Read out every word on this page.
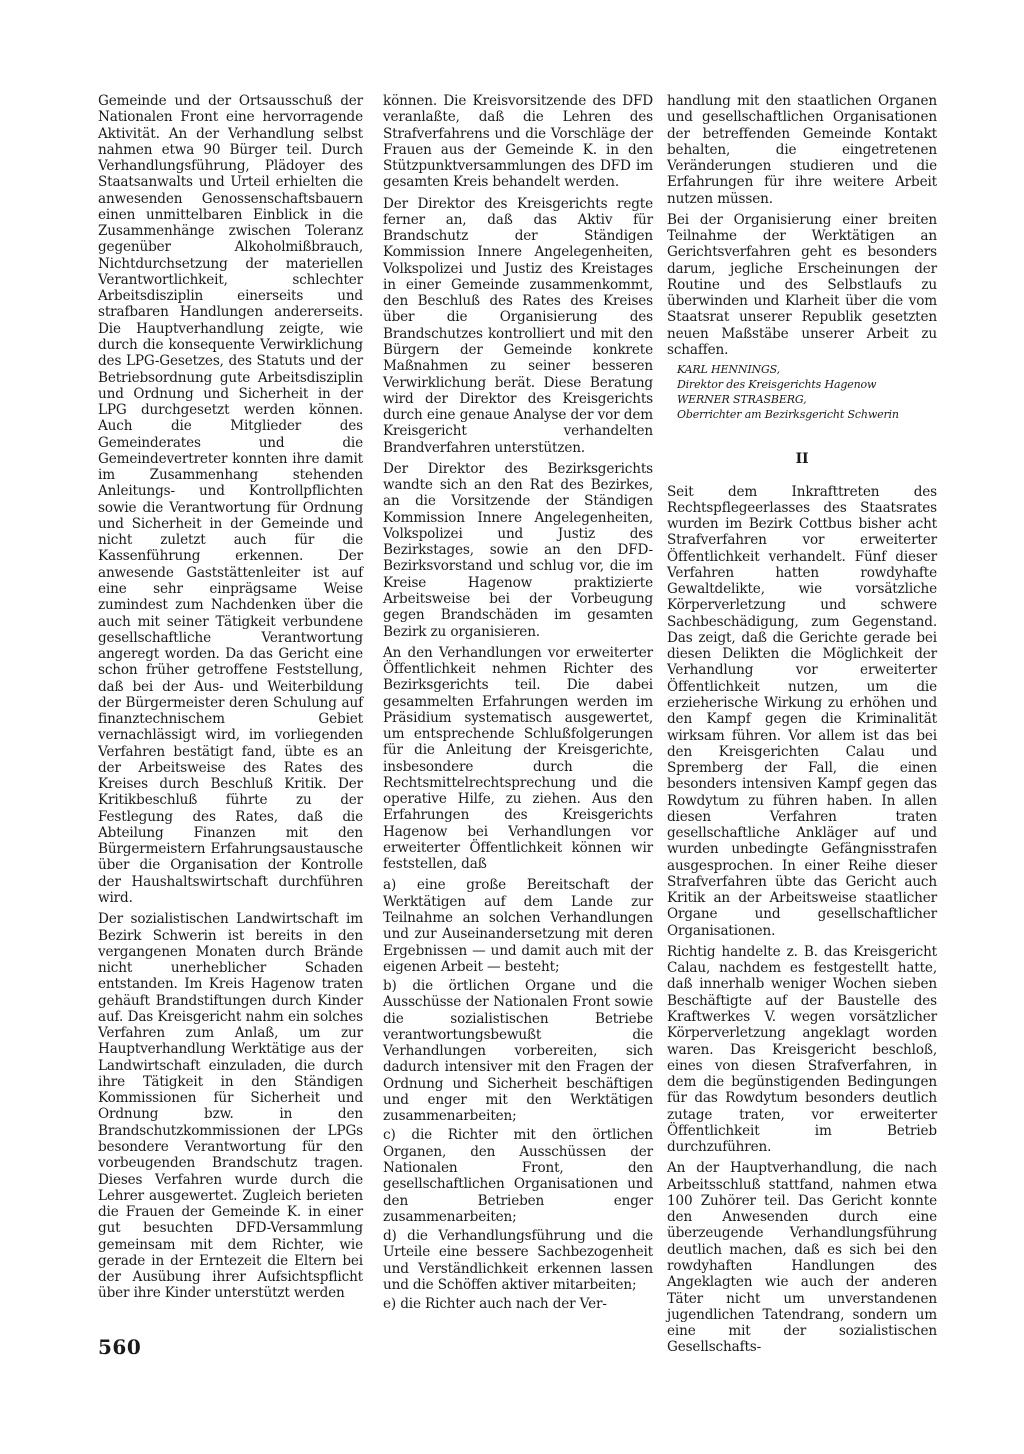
Gemeinde und der Ortsausschuß der Nationalen Front eine hervorragende Aktivität. An der Verhandlung selbst nahmen etwa 90 Bürger teil. Durch Verhandlungsführung, Plädoyer des Staatsanwalts und Urteil erhielten die anwesenden Genossenschaftsbauern einen unmittelbaren Einblick in die Zusammenhänge zwischen Toleranz gegenüber Alkoholmißbrauch, Nichtdurchsetzung der materiellen Verantwortlichkeit, schlechter Arbeitsdisziplin einerseits und strafbaren Handlungen andererseits. Die Hauptverhandlung zeigte, wie durch die konsequente Verwirklichung des LPG-Gesetzes, des Statuts und der Betriebsordnung gute Arbeitsdisziplin und Ordnung und Sicherheit in der LPG durchgesetzt werden können. Auch die Mitglieder des Gemeinderates und die Gemeindevertreter konnten ihre damit im Zusammenhang stehenden Anleitungs- und Kontrollpflichten sowie die Verantwortung für Ordnung und Sicherheit in der Gemeinde und nicht zuletzt auch für die Kassenführung erkennen. Der anwesende Gaststättenleiter ist auf eine sehr einprägsame Weise zumindest zum Nachdenken über die auch mit seiner Tätigkeit verbundene gesellschaftliche Verantwortung angeregt worden. Da das Gericht eine schon früher getroffene Feststellung, daß bei der Aus- und Weiterbildung der Bürgermeister deren Schulung auf finanztechnischem Gebiet vernachlässigt wird, im vorliegenden Verfahren bestätigt fand, übte es an der Arbeitsweise des Rates des Kreises durch Beschluß Kritik. Der Kritikbeschluß führte zu der Festlegung des Rates, daß die Abteilung Finanzen mit den Bürgermeistern Erfahrungsaustausche über die Organisation der Kontrolle der Haushaltswirtschaft durchführen wird.

Der sozialistischen Landwirtschaft im Bezirk Schwerin ist bereits in den vergangenen Monaten durch Brände nicht unerheblicher Schaden entstanden. Im Kreis Hagenow traten gehäuft Brandstiftungen durch Kinder auf. Das Kreisgericht nahm ein solches Verfahren zum Anlaß, um zur Hauptverhandlung Werktätige aus der Landwirtschaft einzuladen, die durch ihre Tätigkeit in den Ständigen Kommissionen für Sicherheit und Ordnung bzw. in den Brandschutzkommissionen der LPGs besondere Verantwortung für den vorbeugenden Brandschutz tragen. Dieses Verfahren wurde durch die Lehrer ausgewertet. Zugleich berieten die Frauen der Gemeinde K. in einer gut besuchten DFD-Versammlung gemeinsam mit dem Richter, wie gerade in der Erntezeit die Eltern bei der Ausübung ihrer Aufsichtspflicht über ihre Kinder unterstützt werden

können. Die Kreisvorsitzende des DFD veranlaßte, daß die Lehren des Strafverfahrens und die Vorschläge der Frauen aus der Gemeinde K. in den Stützpunktversammlungen des DFD im gesamten Kreis behandelt werden.

Der Direktor des Kreisgerichts regte ferner an, daß das Aktiv für Brandschutz der Ständigen Kommission Innere Angelegenheiten, Volkspolizei und Justiz des Kreistages in einer Gemeinde zusammenkommt, den Beschluß des Rates des Kreises über die Organisierung des Brandschutzes kontrolliert und mit den Bürgern der Gemeinde konkrete Maßnahmen zu seiner besseren Verwirklichung berät. Diese Beratung wird der Direktor des Kreisgerichts durch eine genaue Analyse der vor dem Kreisgericht verhandelten Brandverfahren unterstützen.

Der Direktor des Bezirksgerichts wandte sich an den Rat des Bezirkes, an die Vorsitzende der Ständigen Kommission Innere Angelegenheiten, Volkspolizei und Justiz des Bezirkstages, sowie an den DFD-Bezirksvorstand und schlug vor, die im Kreise Hagenow praktizierte Arbeitsweise bei der Vorbeugung gegen Brandschäden im gesamten Bezirk zu organisieren.

An den Verhandlungen vor erweiterter Öffentlichkeit nehmen Richter des Bezirksgerichts teil. Die dabei gesammelten Erfahrungen werden im Präsidium systematisch ausgewertet, um entsprechende Schlußfolgerungen für die Anleitung der Kreisgerichte, insbesondere durch die Rechtsmittelrechtsprechung und die operative Hilfe, zu ziehen. Aus den Erfahrungen des Kreisgerichts Hagenow bei Verhandlungen vor erweiterter Öffentlichkeit können wir feststellen, daß

a) eine große Bereitschaft der Werktätigen auf dem Lande zur Teilnahme an solchen Verhandlungen und zur Auseinandersetzung mit deren Ergebnissen — und damit auch mit der eigenen Arbeit — besteht;

b) die örtlichen Organe und die Ausschüsse der Nationalen Front sowie die sozialistischen Betriebe verantwortungsbewußt die Verhandlungen vorbereiten, sich dadurch intensiver mit den Fragen der Ordnung und Sicherheit beschäftigen und enger mit den Werktätigen zusammenarbeiten;

c) die Richter mit den örtlichen Organen, den Ausschüssen der Nationalen Front, den gesellschaftlichen Organisationen und den Betrieben enger zusammenarbeiten;

d) die Verhandlungsführung und die Urteile eine bessere Sachbezogenheit und Verständlichkeit erkennen lassen und die Schöffen aktiver mitarbeiten;

e) die Richter auch nach der Ver-

handlung mit den staatlichen Organen und gesellschaftlichen Organisationen der betreffenden Gemeinde Kontakt behalten, die eingetretenen Veränderungen studieren und die Erfahrungen für ihre weitere Arbeit nutzen müssen.

Bei der Organisierung einer breiten Teilnahme der Werktätigen an Gerichtsverfahren geht es besonders darum, jegliche Erscheinungen der Routine und des Selbstlaufs zu überwinden und Klarheit über die vom Staatsrat unserer Republik gesetzten neuen Maßstäbe unserer Arbeit zu schaffen.

KARL HENNINGS,
Direktor des Kreisgerichts Hagenow
WERNER STRASBERG,
Oberrichter am Bezirksgericht Schwerin
II

Seit dem Inkrafttreten des Rechtspflegeerlasses des Staatsrates wurden im Bezirk Cottbus bisher acht Strafverfahren vor erweiterter Öffentlichkeit verhandelt. Fünf dieser Verfahren hatten rowdyhafte Gewaltdelikte, wie vorsätzliche Körperverletzung und schwere Sachbeschädigung, zum Gegenstand. Das zeigt, daß die Gerichte gerade bei diesen Delikten die Möglichkeit der Verhandlung vor erweiterter Öffentlichkeit nutzen, um die erzieherische Wirkung zu erhöhen und den Kampf gegen die Kriminalität wirksam führen. Vor allem ist das bei den Kreisgerichten Calau und Spremberg der Fall, die einen besonders intensiven Kampf gegen das Rowdytum zu führen haben. In allen diesen Verfahren traten gesellschaftliche Ankläger auf und wurden unbedingte Gefängnisstrafen ausgesprochen. In einer Reihe dieser Strafverfahren übte das Gericht auch Kritik an der Arbeitsweise staatlicher Organe und gesellschaftlicher Organisationen.

Richtig handelte z. B. das Kreisgericht Calau, nachdem es festgestellt hatte, daß innerhalb weniger Wochen sieben Beschäftigte auf der Baustelle des Kraftwerkes V. wegen vorsätzlicher Körperverletzung angeklagt worden waren. Das Kreisgericht beschloß, eines von diesen Strafverfahren, in dem die begünstigenden Bedingungen für das Rowdytum besonders deutlich zutage traten, vor erweiterter Öffentlichkeit im Betrieb durchzuführen.

An der Hauptverhandlung, die nach Arbeitsschluß stattfand, nahmen etwa 100 Zuhörer teil. Das Gericht konnte den Anwesenden durch eine überzeugende Verhandlungsführung deutlich machen, daß es sich bei den rowdyhaften Handlungen des Angeklagten wie auch der anderen Täter nicht um unverstandenen jugendlichen Tatendrang, sondern um eine mit der sozialistischen Gesellschafts-

560
